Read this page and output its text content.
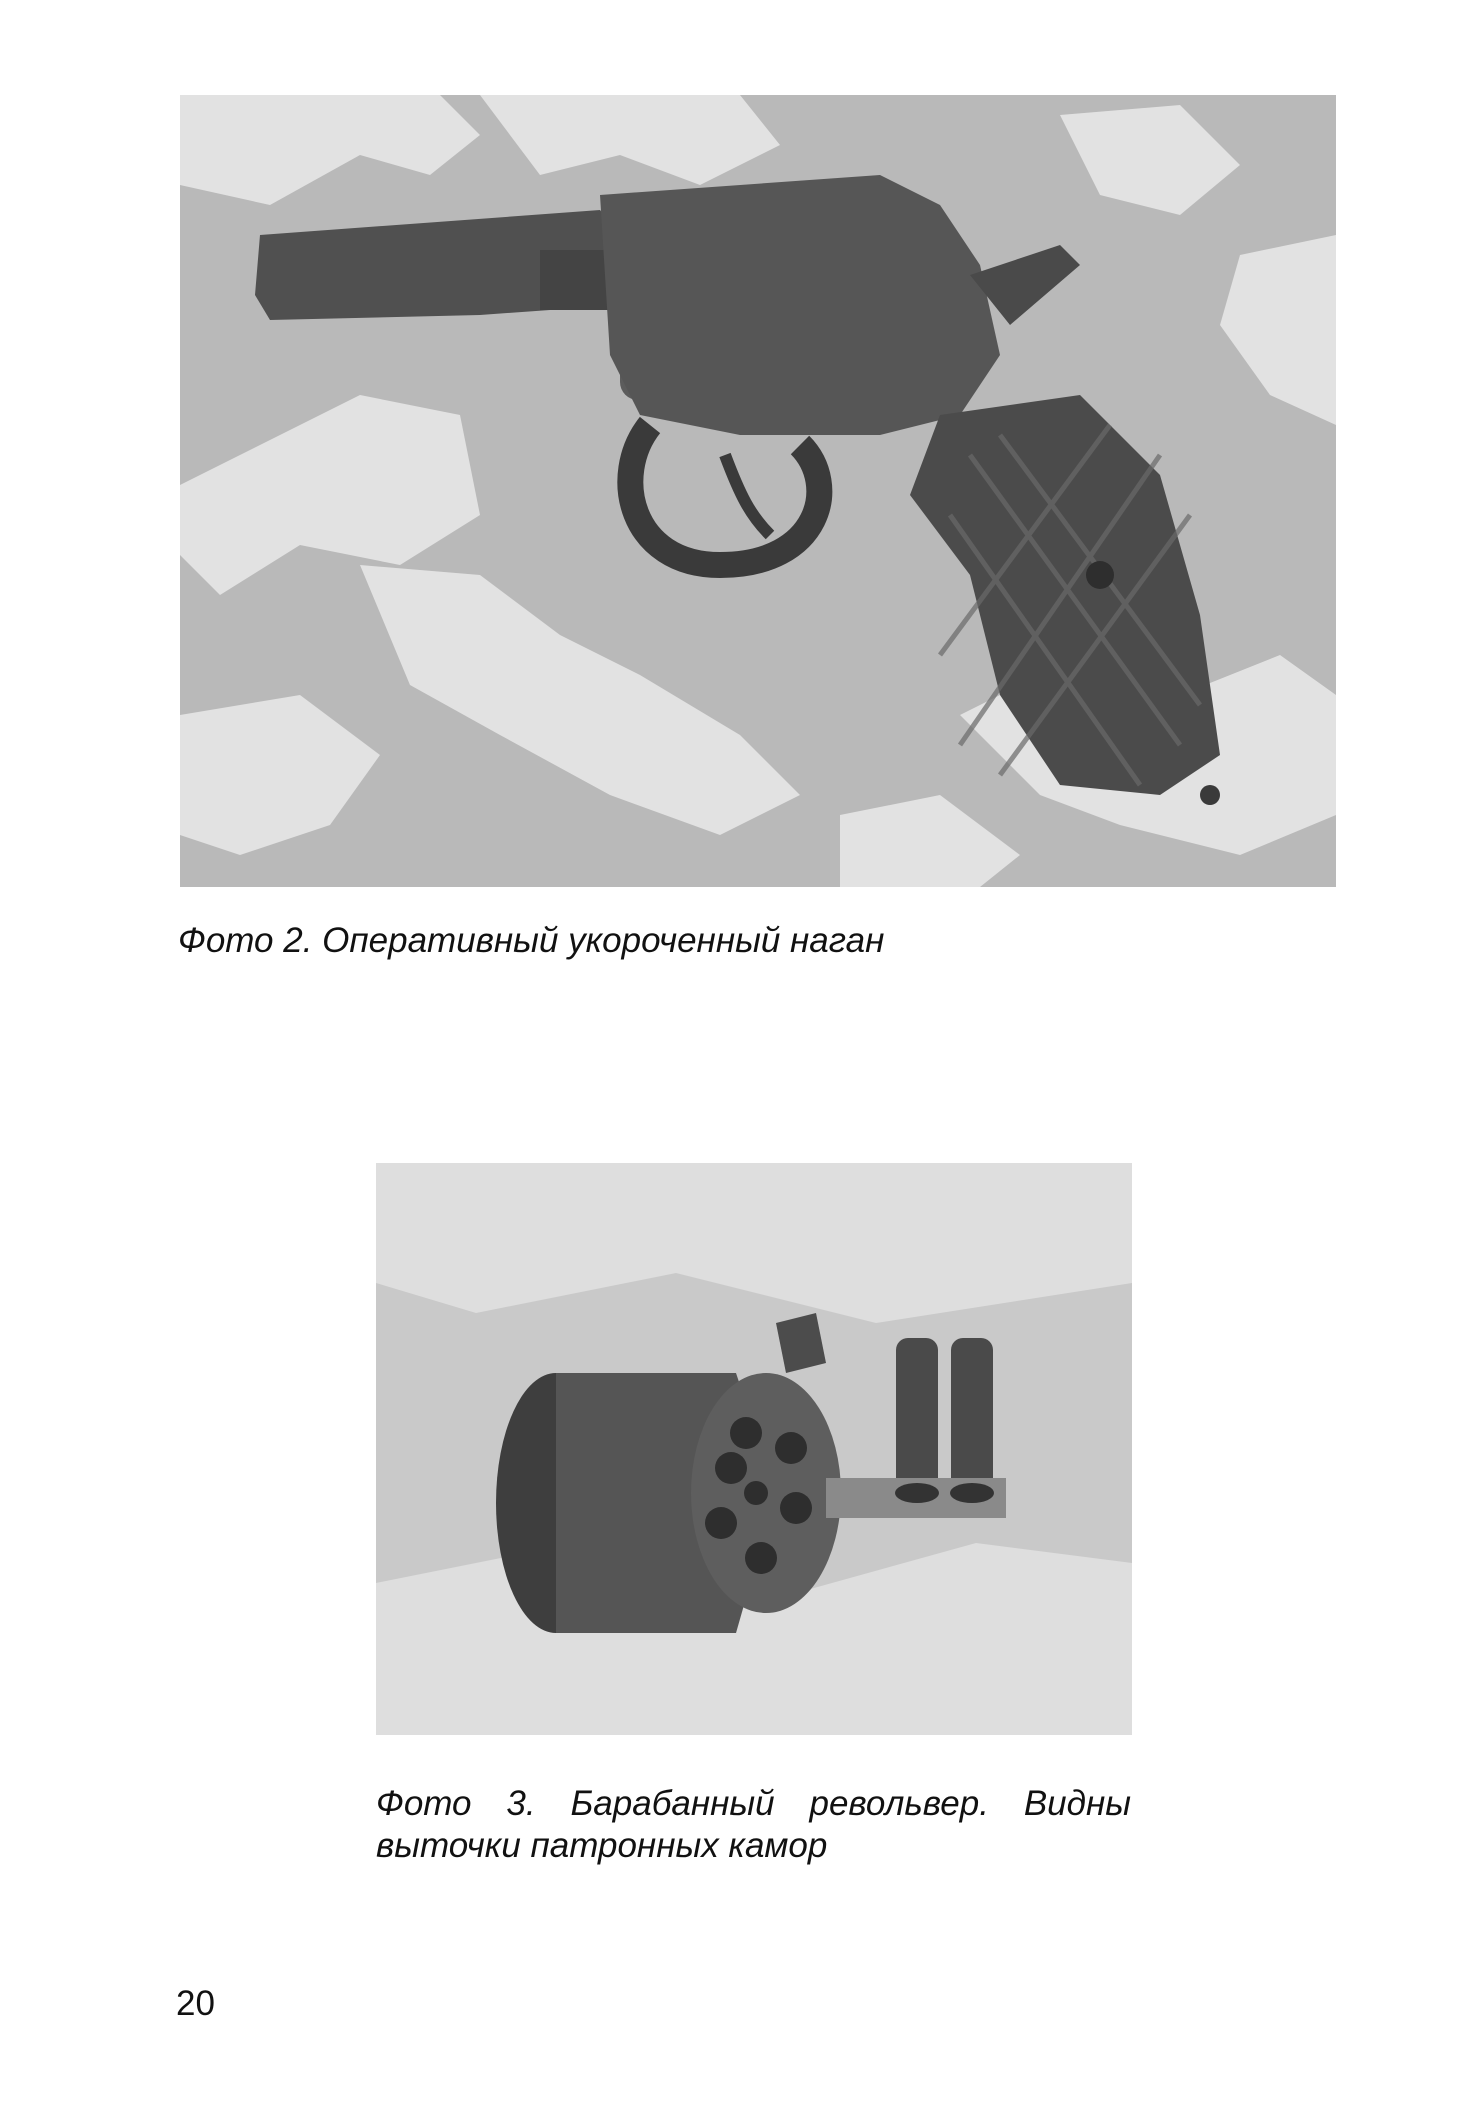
Фото 2. Оперативный укороченный наган
Фото 3. Барабанный револьвер. Видны выточки патронных камор
20
